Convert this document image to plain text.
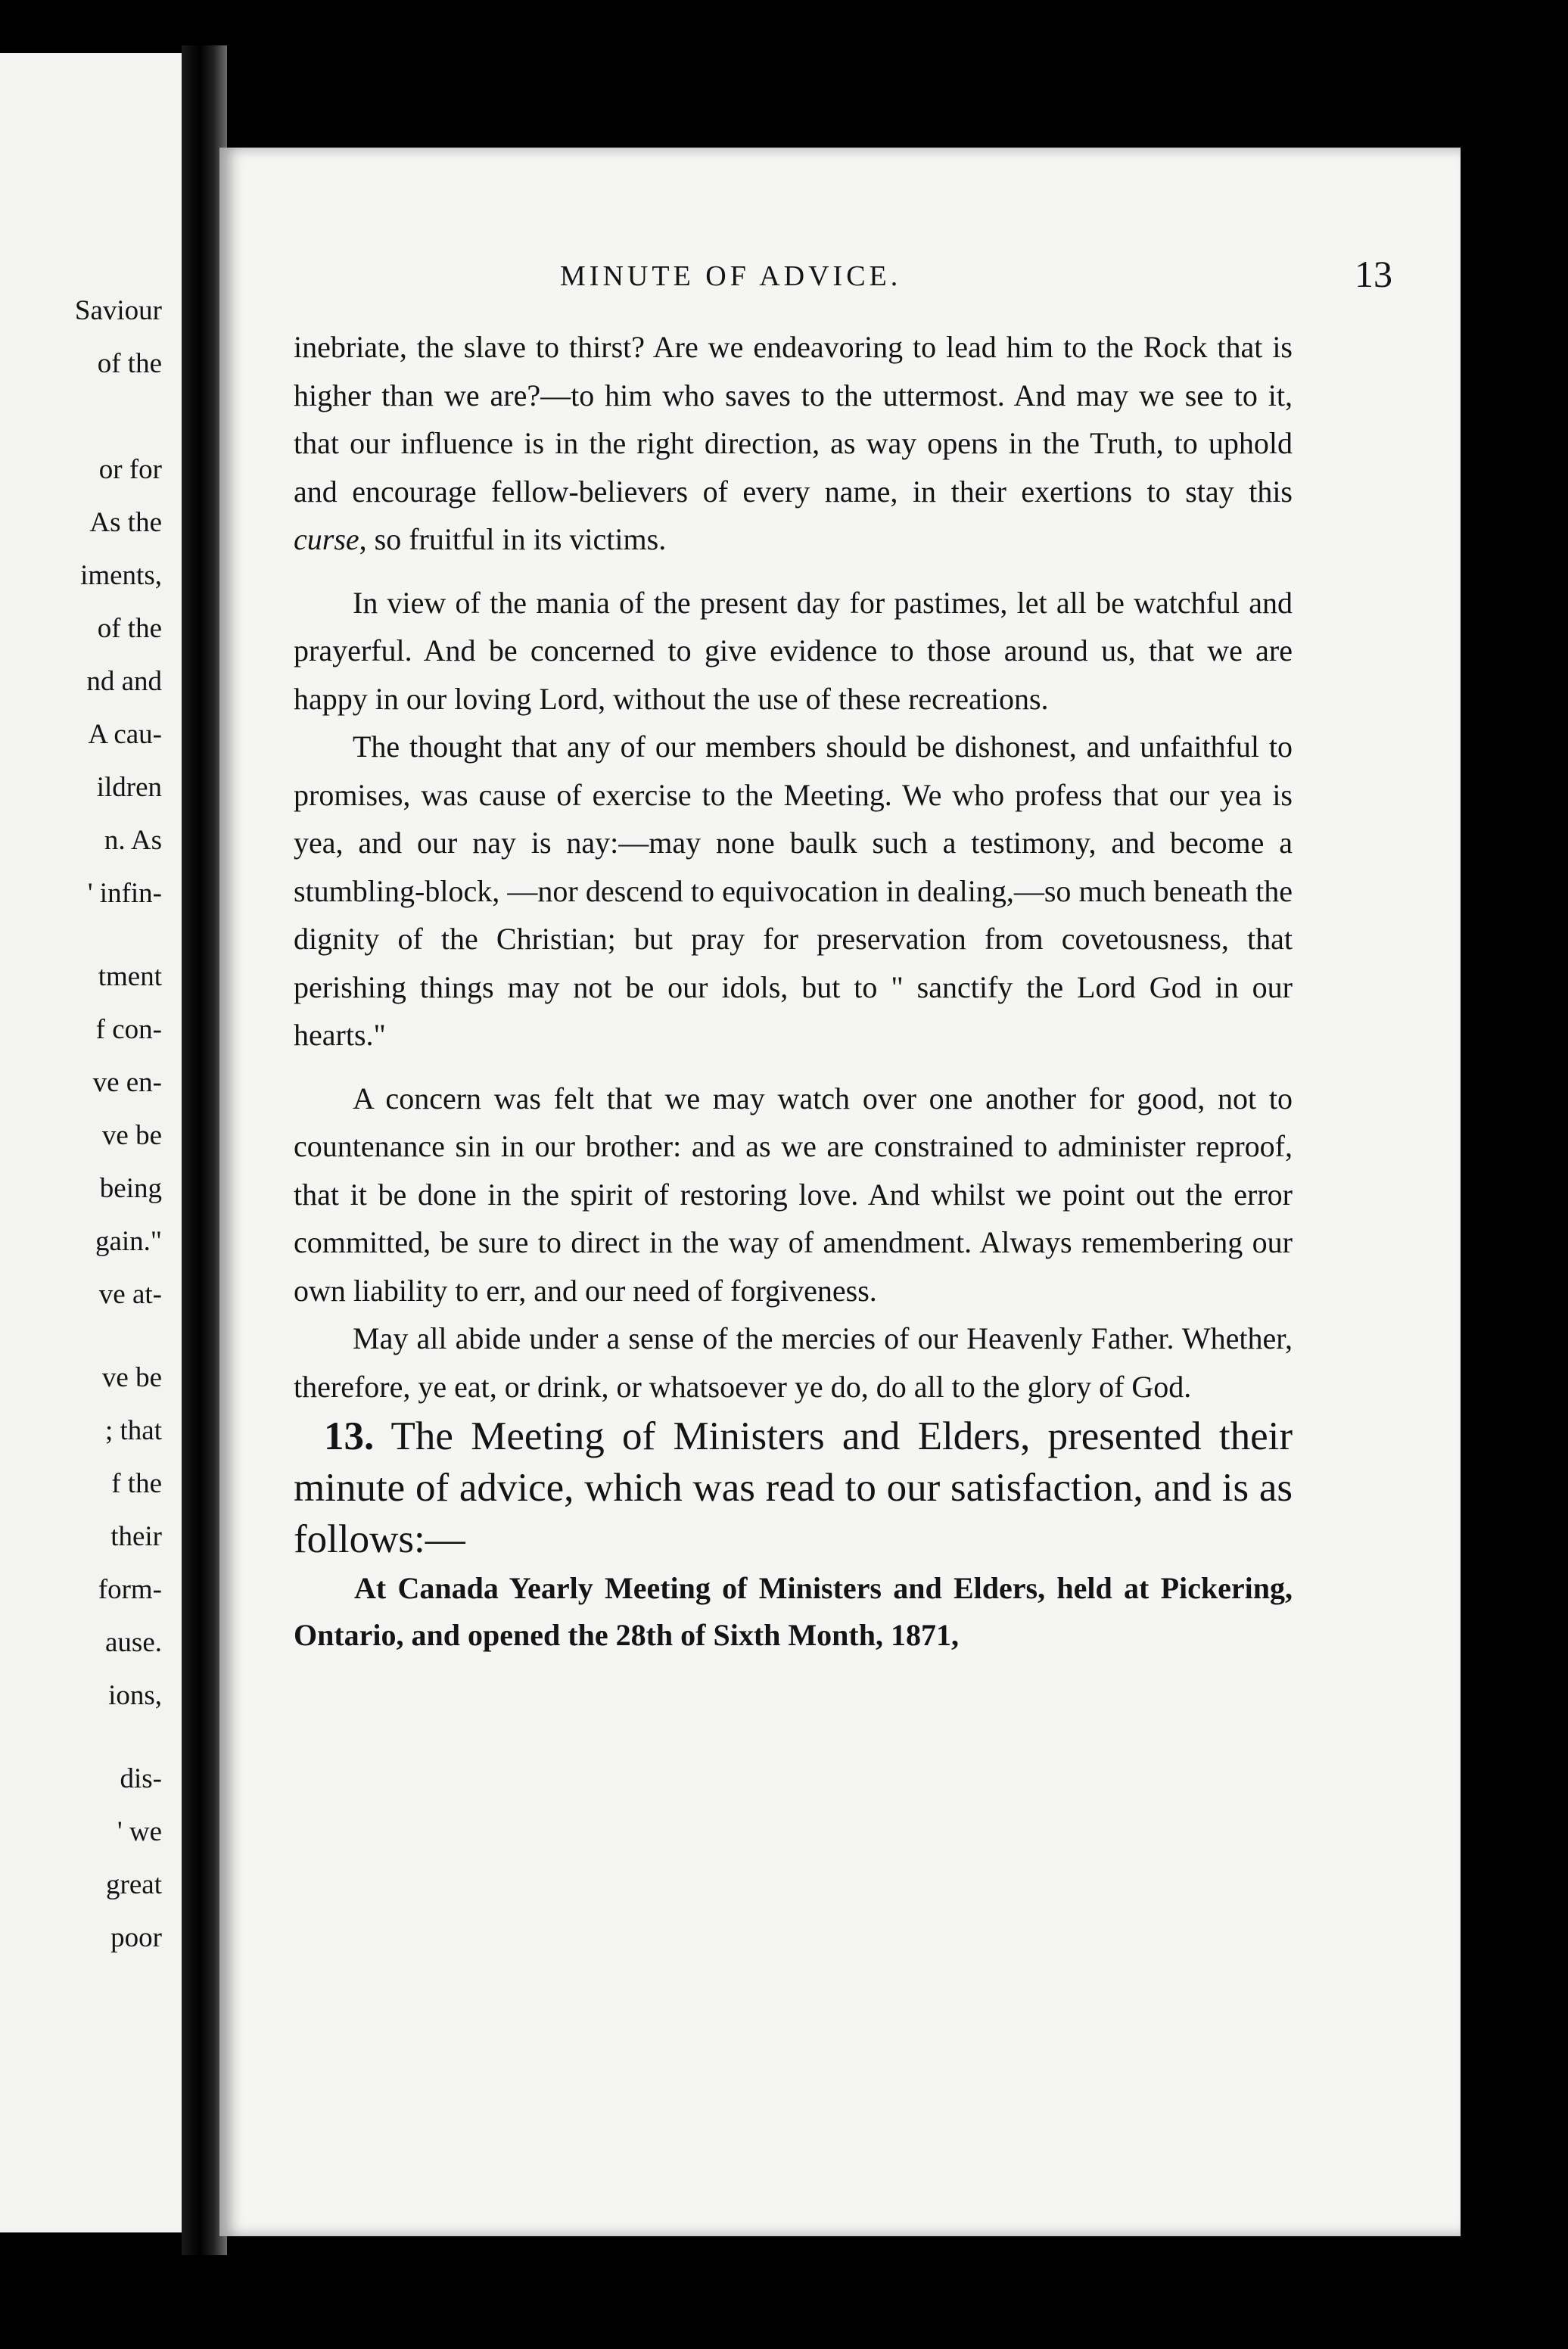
Saviour
of the
or for
As the
iments,
of the
nd and
A cau-
ildren
n. As
' infin-
tment
f con-
ve en-
ve be
being
gain."
ve at-
ve be
; that
f the
their
form-
ause.
ions,
dis-
' we
great
poor
MINUTE OF ADVICE.	13

inebriate, the slave to thirst? Are we endeavoring to lead him to the Rock that is higher than we are?—to him who saves to the uttermost. And may we see to it, that our influence is in the right direction, as way opens in the Truth, to uphold and encourage fellow-believers of every name, in their exertions to stay this curse, so fruitful in its victims.

In view of the mania of the present day for pastimes, let all be watchful and prayerful. And be concerned to give evidence to those around us, that we are happy in our loving Lord, without the use of these recreations.

The thought that any of our members should be dishonest, and unfaithful to promises, was cause of exercise to the Meeting. We who profess that our yea is yea, and our nay is nay:—may none baulk such a testimony, and become a stumbling-block, —nor descend to equivocation in dealing,—so much beneath the dignity of the Christian; but pray for preservation from covetousness, that perishing things may not be our idols, but to " sanctify the Lord God in our hearts."

A concern was felt that we may watch over one another for good, not to countenance sin in our brother: and as we are constrained to administer reproof, that it be done in the spirit of restoring love. And whilst we point out the error committed, be sure to direct in the way of amendment. Always remembering our own liability to err, and our need of forgiveness.

May all abide under a sense of the mercies of our Heavenly Father. Whether, therefore, ye eat, or drink, or whatsoever ye do, do all to the glory of God.

13. The Meeting of Ministers and Elders, presented their minute of advice, which was read to our satisfaction, and is as follows:—

At Canada Yearly Meeting of Ministers and Elders, held at Pickering, Ontario, and opened the 28th of Sixth Month, 1871,
